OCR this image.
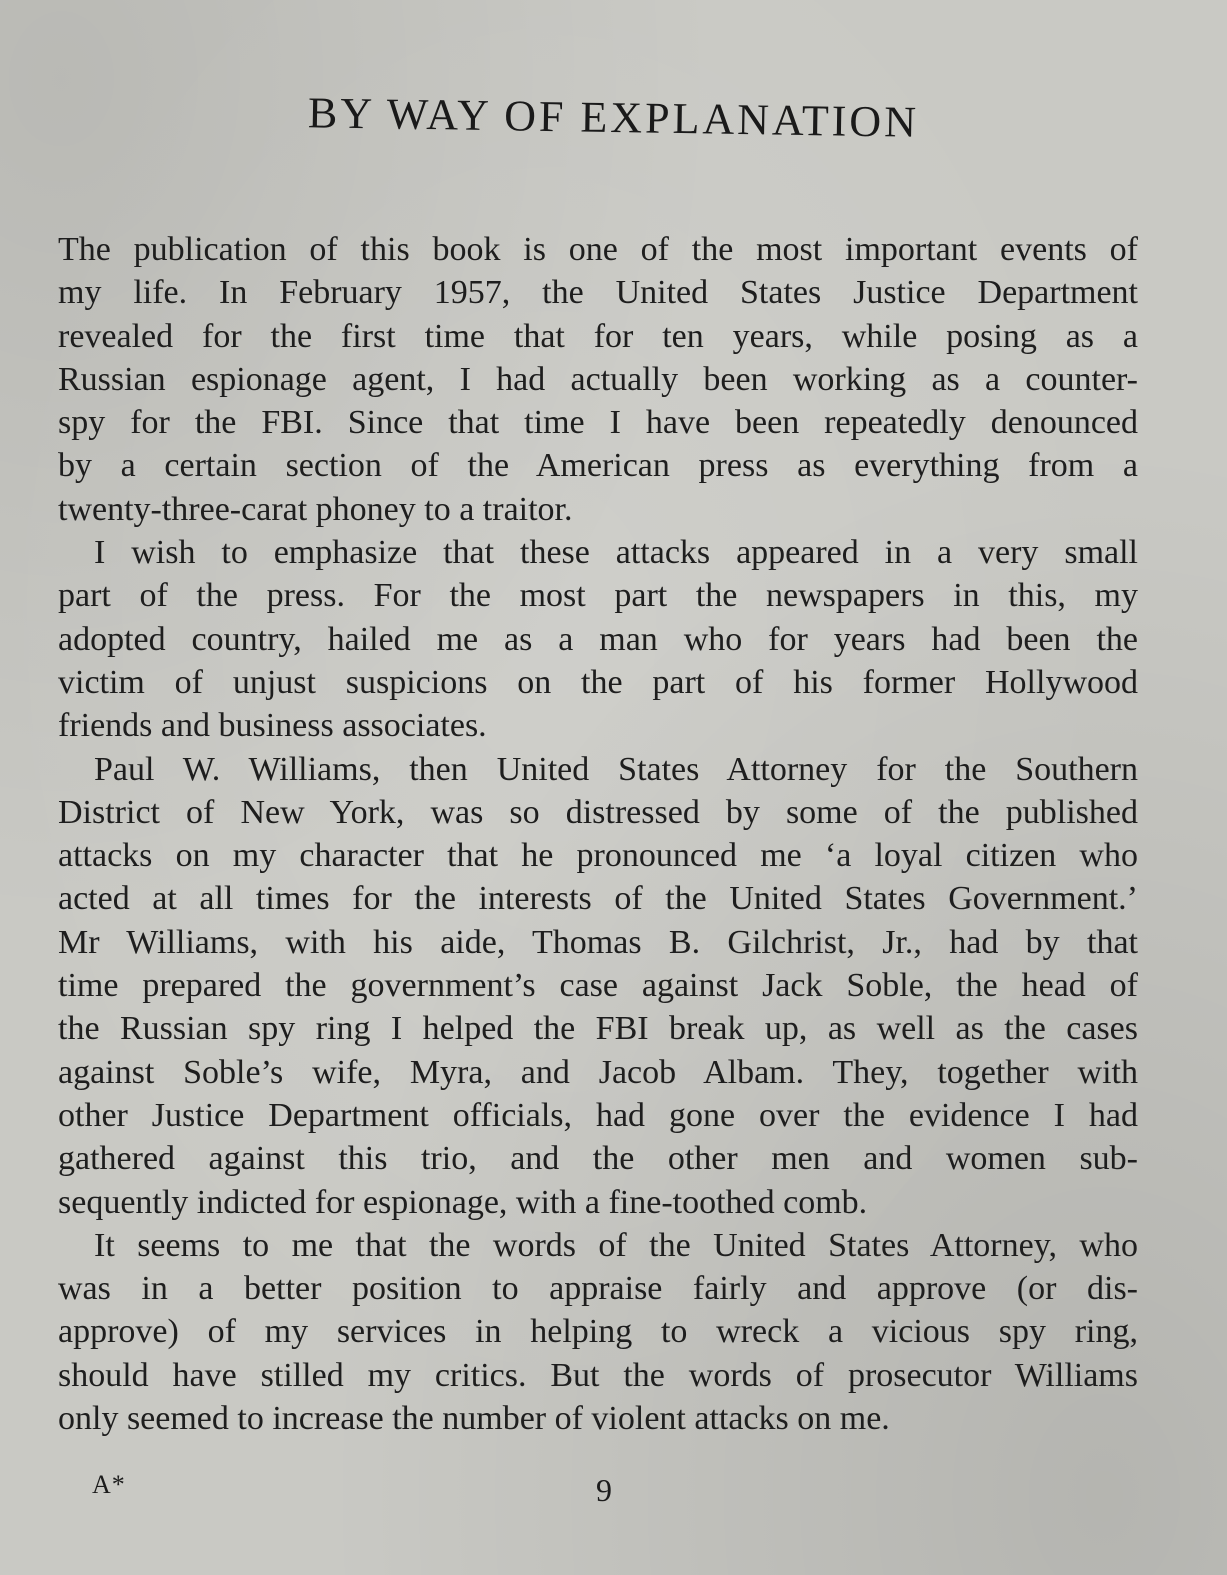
BY WAY OF EXPLANATION
The publication of this book is one of the most important events of
my life. In February 1957, the United States Justice Department
revealed for the first time that for ten years, while posing as a
Russian espionage agent, I had actually been working as a counter-
spy for the FBI. Since that time I have been repeatedly denounced
by a certain section of the American press as everything from a
twenty-three-carat phoney to a traitor.
I wish to emphasize that these attacks appeared in a very small
part of the press. For the most part the newspapers in this, my
adopted country, hailed me as a man who for years had been the
victim of unjust suspicions on the part of his former Hollywood
friends and business associates.
Paul W. Williams, then United States Attorney for the Southern
District of New York, was so distressed by some of the published
attacks on my character that he pronounced me ‘a loyal citizen who
acted at all times for the interests of the United States Government.’
Mr Williams, with his aide, Thomas B. Gilchrist, Jr., had by that
time prepared the government’s case against Jack Soble, the head of
the Russian spy ring I helped the FBI break up, as well as the cases
against Soble’s wife, Myra, and Jacob Albam. They, together with
other Justice Department officials, had gone over the evidence I had
gathered against this trio, and the other men and women sub-
sequently indicted for espionage, with a fine-toothed comb.
It seems to me that the words of the United States Attorney, who
was in a better position to appraise fairly and approve (or dis-
approve) of my services in helping to wreck a vicious spy ring,
should have stilled my critics. But the words of prosecutor Williams
only seemed to increase the number of violent attacks on me.
A*	9
